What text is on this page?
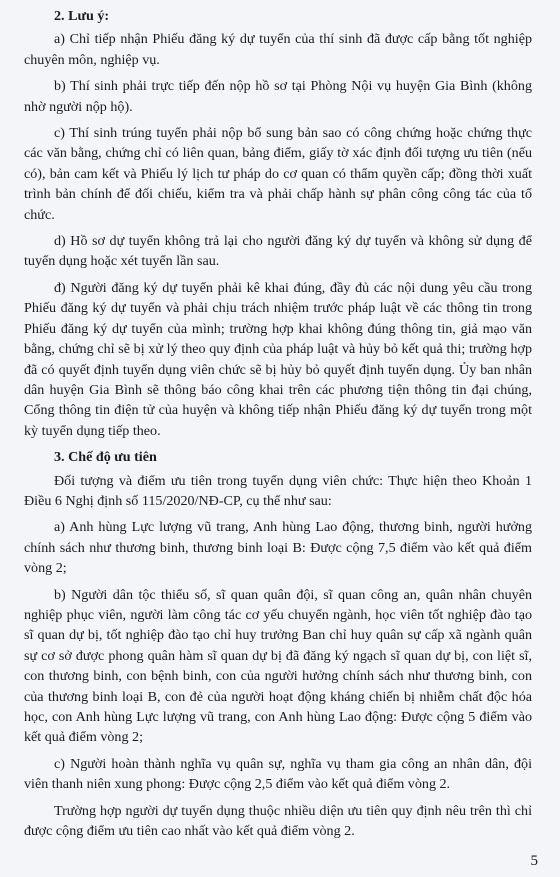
2. Lưu ý:

a) Chỉ tiếp nhận Phiếu đăng ký dự tuyển của thí sinh đã được cấp bằng tốt nghiệp chuyên môn, nghiệp vụ.

b) Thí sinh phải trực tiếp đến nộp hồ sơ tại Phòng Nội vụ huyện Gia Bình (không nhờ người nộp hộ).

c) Thí sinh trúng tuyển phải nộp bổ sung bản sao có công chứng hoặc chứng thực các văn bằng, chứng chỉ có liên quan, bảng điểm, giấy tờ xác định đối tượng ưu tiên (nếu có), bản cam kết và Phiếu lý lịch tư pháp do cơ quan có thẩm quyền cấp; đồng thời xuất trình bản chính để đối chiếu, kiểm tra và phải chấp hành sự phân công công tác của tổ chức.

d) Hồ sơ dự tuyển không trả lại cho người đăng ký dự tuyển và không sử dụng để tuyển dụng hoặc xét tuyển lần sau.

đ) Người đăng ký dự tuyển phải kê khai đúng, đầy đủ các nội dung yêu cầu trong Phiếu đăng ký dự tuyển và phải chịu trách nhiệm trước pháp luật về các thông tin trong Phiếu đăng ký dự tuyển của mình; trường hợp khai không đúng thông tin, giả mạo văn bằng, chứng chỉ sẽ bị xử lý theo quy định của pháp luật và hủy bỏ kết quả thi; trường hợp đã có quyết định tuyển dụng viên chức sẽ bị hủy bỏ quyết định tuyển dụng. Ủy ban nhân dân huyện Gia Bình sẽ thông báo công khai trên các phương tiện thông tin đại chúng, Cổng thông tin điện tử của huyện và không tiếp nhận Phiếu đăng ký dự tuyển trong một kỳ tuyển dụng tiếp theo.

3. Chế độ ưu tiên

Đối tượng và điểm ưu tiên trong tuyển dụng viên chức: Thực hiện theo Khoản 1 Điều 6 Nghị định số 115/2020/NĐ-CP, cụ thể như sau:

a) Anh hùng Lực lượng vũ trang, Anh hùng Lao động, thương binh, người hưởng chính sách như thương binh, thương binh loại B: Được cộng 7,5 điểm vào kết quả điểm vòng 2;

b) Người dân tộc thiểu số, sĩ quan quân đội, sĩ quan công an, quân nhân chuyên nghiệp phục viên, người làm công tác cơ yếu chuyển ngành, học viên tốt nghiệp đào tạo sĩ quan dự bị, tốt nghiệp đào tạo chỉ huy trưởng Ban chỉ huy quân sự cấp xã ngành quân sự cơ sở được phong quân hàm sĩ quan dự bị đã đăng ký ngạch sĩ quan dự bị, con liệt sĩ, con thương binh, con bệnh binh, con của người hưởng chính sách như thương binh, con của thương binh loại B, con đẻ của người hoạt động kháng chiến bị nhiễm chất độc hóa học, con Anh hùng Lực lượng vũ trang, con Anh hùng Lao động: Được cộng 5 điểm vào kết quả điểm vòng 2;

c) Người hoàn thành nghĩa vụ quân sự, nghĩa vụ tham gia công an nhân dân, đội viên thanh niên xung phong: Được cộng 2,5 điểm vào kết quả điểm vòng 2.

Trường hợp người dự tuyển dụng thuộc nhiều diện ưu tiên quy định nêu trên thì chỉ được cộng điểm ưu tiên cao nhất vào kết quả điểm vòng 2.

5
